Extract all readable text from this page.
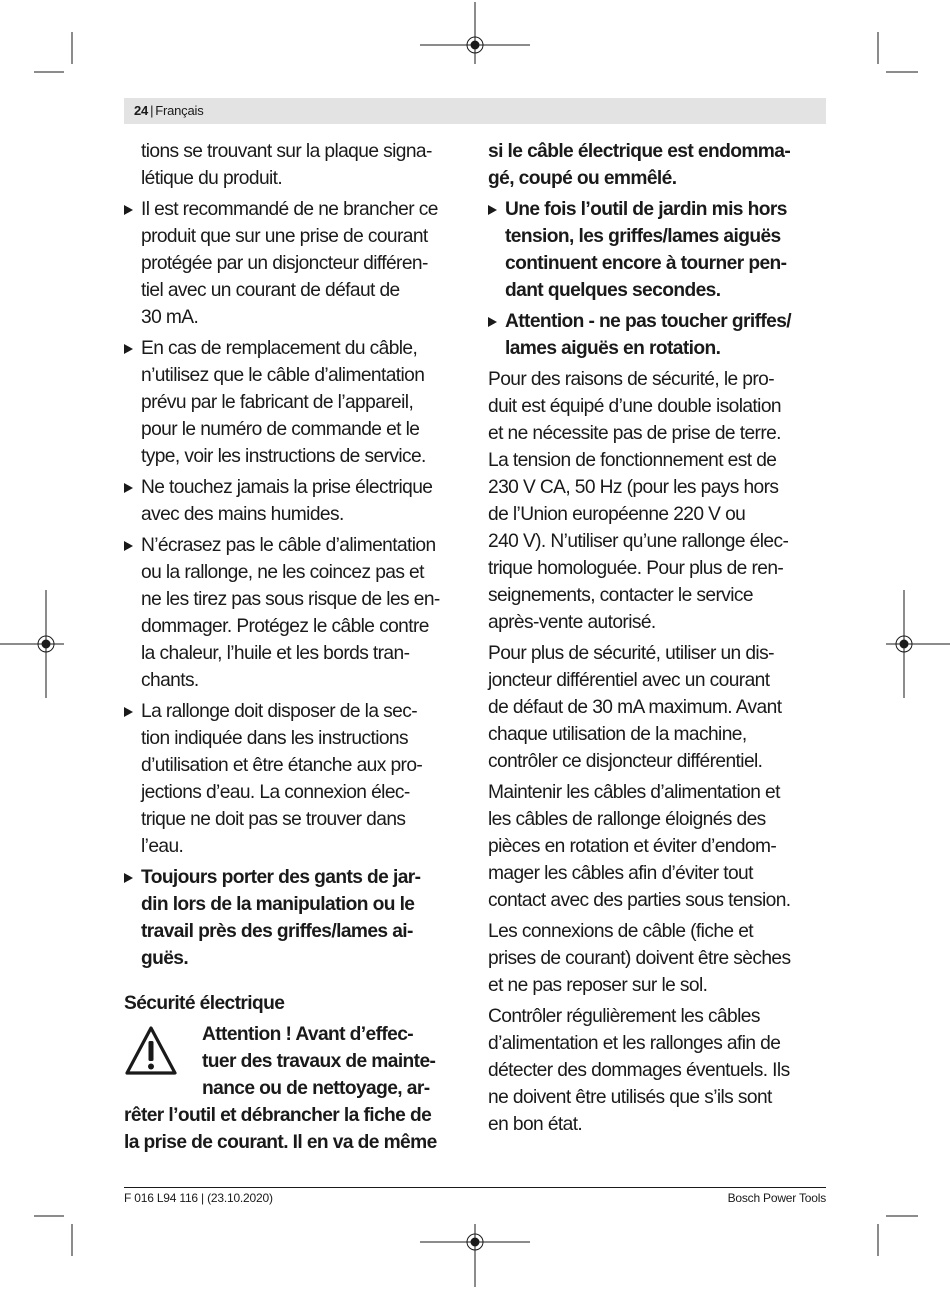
24 | Français

tions se trouvant sur la plaque signa-
létique du produit.

Il est recommandé de ne brancher ce
produit que sur une prise de courant
protégée par un disjoncteur différen-
tiel avec un courant de défaut de
30 mA.
En cas de remplacement du câble,
n’utilisez que le câble d’alimentation
prévu par le fabricant de l’appareil,
pour le numéro de commande et le
type, voir les instructions de service.
Ne touchez jamais la prise électrique
avec des mains humides.
N’écrasez pas le câble d’alimentation
ou la rallonge, ne les coincez pas et
ne les tirez pas sous risque de les en-
dommager. Protégez le câble contre
la chaleur, l’huile et les bords tran-
chants.
La rallonge doit disposer de la sec-
tion indiquée dans les instructions
d’utilisation et être étanche aux pro-
jections d’eau. La connexion élec-
trique ne doit pas se trouver dans
l’eau.
Toujours porter des gants de jar-
din lors de la manipulation ou le
travail près des griffes/lames ai-
guës.
Sécurité électrique
Attention ! Avant d’effec-
tuer des travaux de mainte-
nance ou de nettoyage, ar-
rêter l’outil et débrancher la fiche de
la prise de courant. Il en va de même

si le câble électrique est endomma-
gé, coupé ou emmêlé.

Une fois l’outil de jardin mis hors
tension, les griffes/lames aiguës
continuent encore à tourner pen-
dant quelques secondes.
Attention - ne pas toucher griffes/
lames aiguës en rotation.

Pour des raisons de sécurité, le pro-
duit est équipé d’une double isolation
et ne nécessite pas de prise de terre.
La tension de fonctionnement est de
230 V CA, 50 Hz (pour les pays hors
de l’Union européenne 220 V ou
240 V). N’utiliser qu’une rallonge élec-
trique homologuée. Pour plus de ren-
seignements, contacter le service
après-vente autorisé.

Pour plus de sécurité, utiliser un dis-
joncteur différentiel avec un courant
de défaut de 30 mA maximum. Avant
chaque utilisation de la machine,
contrôler ce disjoncteur différentiel.

Maintenir les câbles d’alimentation et
les câbles de rallonge éloignés des
pièces en rotation et éviter d’endom-
mager les câbles afin d’éviter tout
contact avec des parties sous tension.

Les connexions de câble (fiche et
prises de courant) doivent être sèches
et ne pas reposer sur le sol.

Contrôler régulièrement les câbles
d’alimentation et les rallonges afin de
détecter des dommages éventuels. Ils
ne doivent être utilisés que s’ils sont
en bon état.

F 016 L94 116 | (23.10.2020)	Bosch Power Tools
